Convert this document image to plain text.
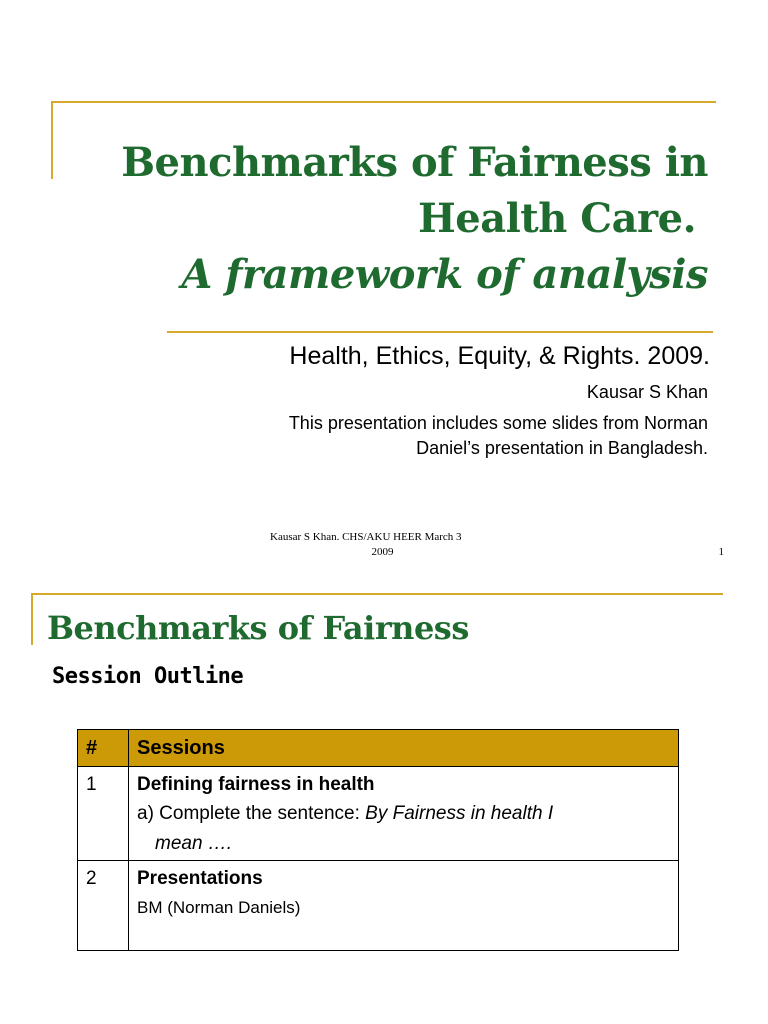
Benchmarks of Fairness in
Health Care.
A framework of analysis
Health, Ethics, Equity, & Rights. 2009.
Kausar S Khan
This presentation includes some slides from Norman
Daniel’s presentation in Bangladesh.
Kausar S Khan. CHS/AKU HEER March 3
2009	1
Benchmarks of Fairness
Session Outline
#	Sessions

1	Defining fairness in health
a) Complete the sentence: By Fairness in health I
mean ….

2	Presentations
BM (Norman Daniels)
